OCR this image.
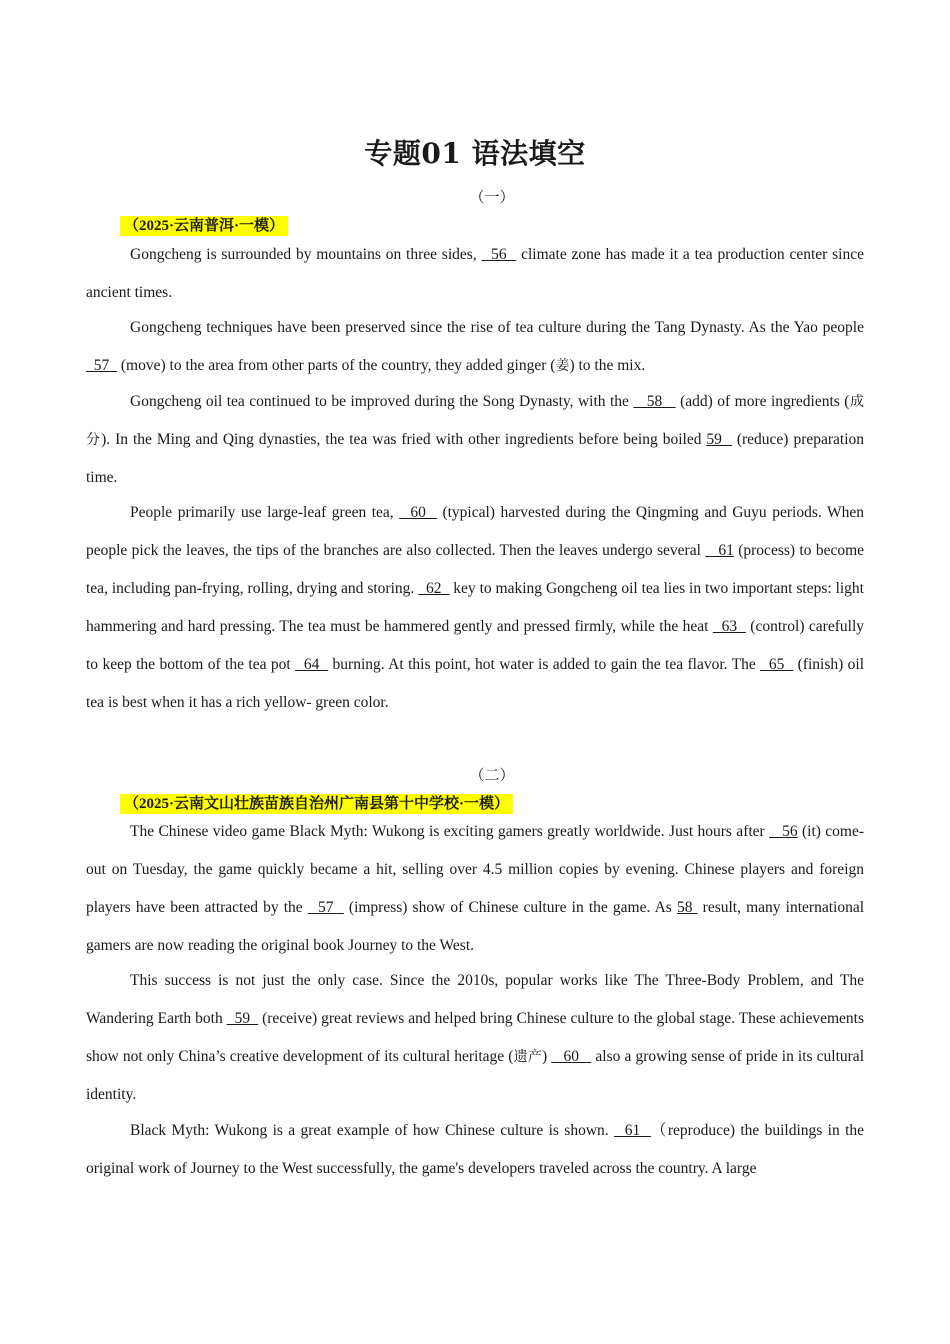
专题01 语法填空
（一）
（2025·云南普洱·一模）

Gongcheng is surrounded by mountains on three sides,   56   climate zone has made it a tea production center since ancient times.

Gongcheng techniques have been preserved since the rise of tea culture during the Tang Dynasty. As the Yao people   57   (move) to the area from other parts of the country, they added ginger (姜) to the mix.

Gongcheng oil tea continued to be improved during the Song Dynasty, with the    58    (add) of more ingredients (成分). In the Ming and Qing dynasties, the tea was fried with other ingredients before being boiled 59   (reduce) preparation time.

People primarily use large-leaf green tea,   60   (typical) harvested during the Qingming and Guyu periods. When people pick the leaves, the tips of the branches are also collected. Then the leaves undergo several    61 (process) to become tea, including pan-frying, rolling, drying and storing.   62   key to making Gongcheng oil tea lies in two important steps: light hammering and hard pressing. The tea must be hammered gently and pressed firmly, while the heat   63   (control) carefully to keep the bottom of the tea pot   64   burning. At this point, hot water is added to gain the tea flavor. The   65   (finish) oil tea is best when it has a rich yellow- green color.

（二）
（2025·云南文山壮族苗族自治州广南县第十中学校·一模）

The Chinese video game Black Myth: Wukong is exciting gamers greatly worldwide. Just hours after    56 (it) come-out on Tuesday, the game quickly became a hit, selling over 4.5 million copies by evening. Chinese players and foreign players have been attracted by the   57   (impress) show of Chinese culture in the game. As 58  result, many international gamers are now reading the original book Journey to the West.

This success is not just the only case. Since the 2010s, popular works like The Three-Body Problem, and The Wandering Earth both   59   (receive) great reviews and helped bring Chinese culture to the global stage. These achievements show not only China’s creative development of its cultural heritage (遗产)    60    also a growing sense of pride in its cultural identity.

Black Myth: Wukong is a great example of how Chinese culture is shown.   61  （reproduce) the buildings in the original work of Journey to the West successfully, the game's developers traveled across the country. A large
